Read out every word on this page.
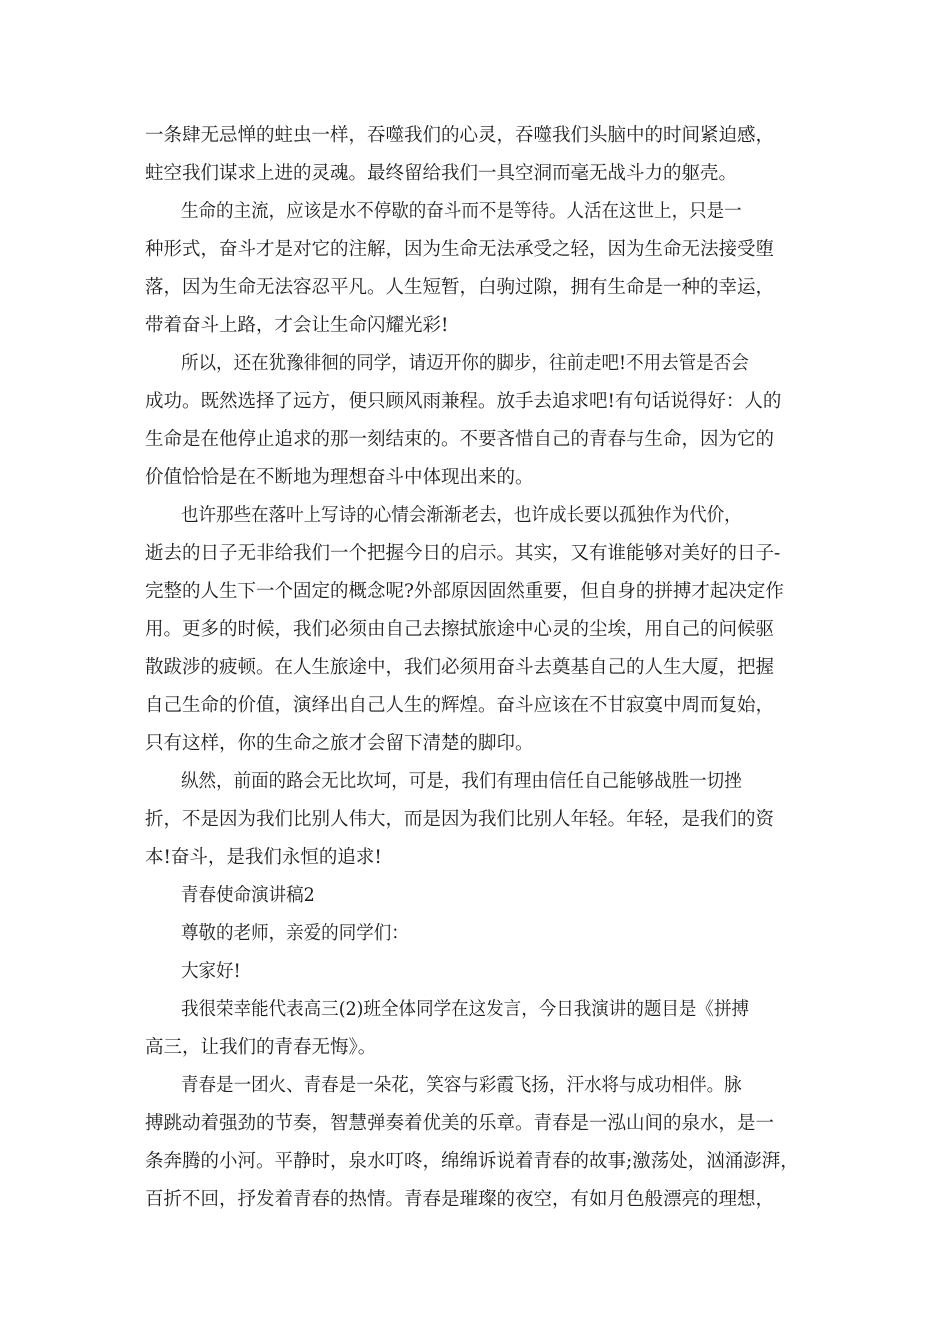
一条肆无忌惮的蛀虫一样，吞噬我们的心灵，吞噬我们头脑中的时间紧迫感，

蛀空我们谋求上进的灵魂。最终留给我们一具空洞而毫无战斗力的躯壳。

生命的主流，应该是水不停歇的奋斗而不是等待。人活在这世上，只是一

种形式，奋斗才是对它的注解，因为生命无法承受之轻，因为生命无法接受堕

落，因为生命无法容忍平凡。人生短暂，白驹过隙，拥有生命是一种的幸运，

带着奋斗上路，才会让生命闪耀光彩!

所以，还在犹豫徘徊的同学，请迈开你的脚步，往前走吧!不用去管是否会

成功。既然选择了远方，便只顾风雨兼程。放手去追求吧!有句话说得好：人的

生命是在他停止追求的那一刻结束的。不要吝惜自己的青春与生命，因为它的

价值恰恰是在不断地为理想奋斗中体现出来的。

也许那些在落叶上写诗的心情会渐渐老去，也许成长要以孤独作为代价，

逝去的日子无非给我们一个把握今日的启示。其实，又有谁能够对美好的日子-

完整的人生下一个固定的概念呢?外部原因固然重要，但自身的拼搏才起决定作

用。更多的时候，我们必须由自己去擦拭旅途中心灵的尘埃，用自己的问候驱

散跋涉的疲顿。在人生旅途中，我们必须用奋斗去奠基自己的人生大厦，把握

自己生命的价值，演绎出自己人生的辉煌。奋斗应该在不甘寂寞中周而复始，

只有这样，你的生命之旅才会留下清楚的脚印。

纵然，前面的路会无比坎坷，可是，我们有理由信任自己能够战胜一切挫

折，不是因为我们比别人伟大，而是因为我们比别人年轻。年轻，是我们的资

本!奋斗，是我们永恒的追求!

青春使命演讲稿2

尊敬的老师，亲爱的同学们：

大家好!

我很荣幸能代表高三(2)班全体同学在这发言，今日我演讲的题目是《拼搏

高三，让我们的青春无悔》。

青春是一团火、青春是一朵花，笑容与彩霞飞扬，汗水将与成功相伴。脉

搏跳动着强劲的节奏，智慧弹奏着优美的乐章。青春是一泓山间的泉水，是一

条奔腾的小河。平静时，泉水叮咚，绵绵诉说着青春的故事;激荡处，汹涌澎湃，

百折不回，抒发着青春的热情。青春是璀璨的夜空，有如月色般漂亮的理想，
